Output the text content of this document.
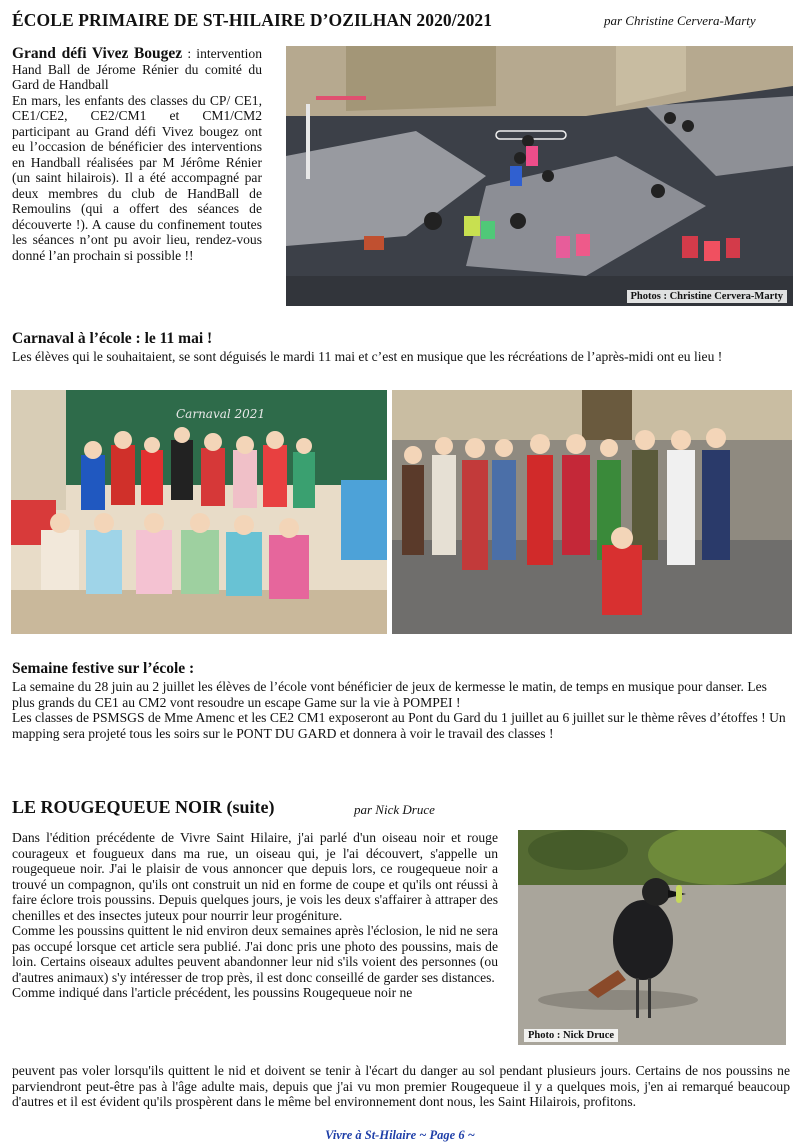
ÉCOLE PRIMAIRE DE ST-HILAIRE D’OZILHAN 2020/2021	par Christine Cervera-Marty
Grand défi Vivez Bougez : intervention Hand Ball de Jérome Rénier du comité du Gard de Handball
En mars, les enfants des classes du CP/ CE1, CE1/CE2, CE2/CM1 et CM1/CM2 participant au Grand défi Vivez bougez ont eu l’occasion de bénéficier des interventions en Handball réalisées par M Jérôme Rénier (un saint hilairois). Il a été accompagné par deux membres du club de HandBall de Remoulins (qui a offert des séances de découverte !). A cause du confinement toutes les séances n’ont pu avoir lieu, rendez-vous donné l’an prochain si possible !!
Photos : Christine Cervera-Marty
Carnaval à l’école : le 11 mai !
Les élèves qui le souhaitaient, se sont déguisés le mardi 11 mai et c’est en musique que les récréations de l’après-midi ont eu lieu !
Carnaval 2021
Semaine festive sur l’école :
La semaine du 28 juin au 2 juillet les élèves de l’école vont bénéficier de jeux de kermesse le matin, de temps en musique pour danser. Les plus grands du CE1 au CM2 vont resoudre un escape Game sur la vie à POMPEI !
Les classes de PSMSGS de Mme Amenc et les CE2 CM1 exposeront au Pont du Gard du 1 juillet au 6 juillet sur le thème rêves d’étoffes ! Un mapping sera projeté tous les soirs sur le PONT DU GARD et donnera à voir le travail des classes !
LE ROUGEQUEUE NOIR (suite)	par Nick Druce
Dans l'édition précédente de Vivre Saint Hilaire, j'ai parlé d'un oiseau noir et rouge courageux et fougueux dans ma rue, un oiseau qui, je l'ai découvert, s'appelle un rougequeue noir. J'ai le plaisir de vous annoncer que depuis lors, ce rougequeue noir a trouvé un compagnon, qu'ils ont construit un nid en forme de coupe et qu'ils ont réussi à faire éclore trois poussins. Depuis quelques jours, je vois les deux s'affairer à attraper des chenilles et des insectes juteux pour nourrir leur progéniture.
Comme les poussins quittent le nid environ deux semaines après l'éclosion, le nid ne sera pas occupé lorsque cet article sera publié. J'ai donc pris une photo des poussins, mais de loin. Certains oiseaux adultes peuvent abandonner leur nid s'ils voient des personnes (ou d'autres animaux) s'y intéresser de trop près, il est donc conseillé de garder ses distances.
Comme indiqué dans l'article précédent, les poussins Rougequeue noir ne
peuvent pas voler lorsqu'ils quittent le nid et doivent se tenir à l'écart du danger au sol pendant plusieurs jours. Certains de nos poussins ne parviendront peut-être pas à l'âge adulte mais, depuis que j'ai vu mon premier Rougequeue il y a quelques mois, j'en ai remarqué beaucoup d'autres et il est évident qu'ils prospèrent dans le même bel environnement dont nous, les Saint Hilairois, profitons.
Photo : Nick Druce
Vivre à St-Hilaire ~ Page 6 ~
